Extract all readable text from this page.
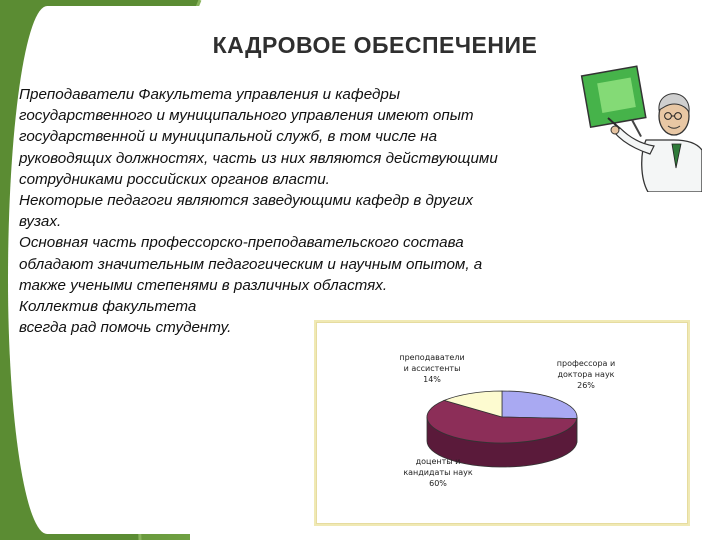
КАДРОВОЕ ОБЕСПЕЧЕНИЕ
Преподаватели Факультета управления и кафедры
государственного и муниципального управления имеют опыт
государственной и муниципальной служб, в том числе на
руководящих должностях, часть из них являются действующими
сотрудниками российских органов власти.
Некоторые педагоги являются заведующими кафедр в других
вузах.
Основная часть профессорско-преподавательского состава
обладают значительным педагогическим и научным опытом, а
также учеными степенями в различных областях.
Коллектив факультета
всегда рад помочь студенту.
профессора и
доктора наук
26%
преподаватели
и ассистенты
14%
доценты и
кандидаты наук
60%
